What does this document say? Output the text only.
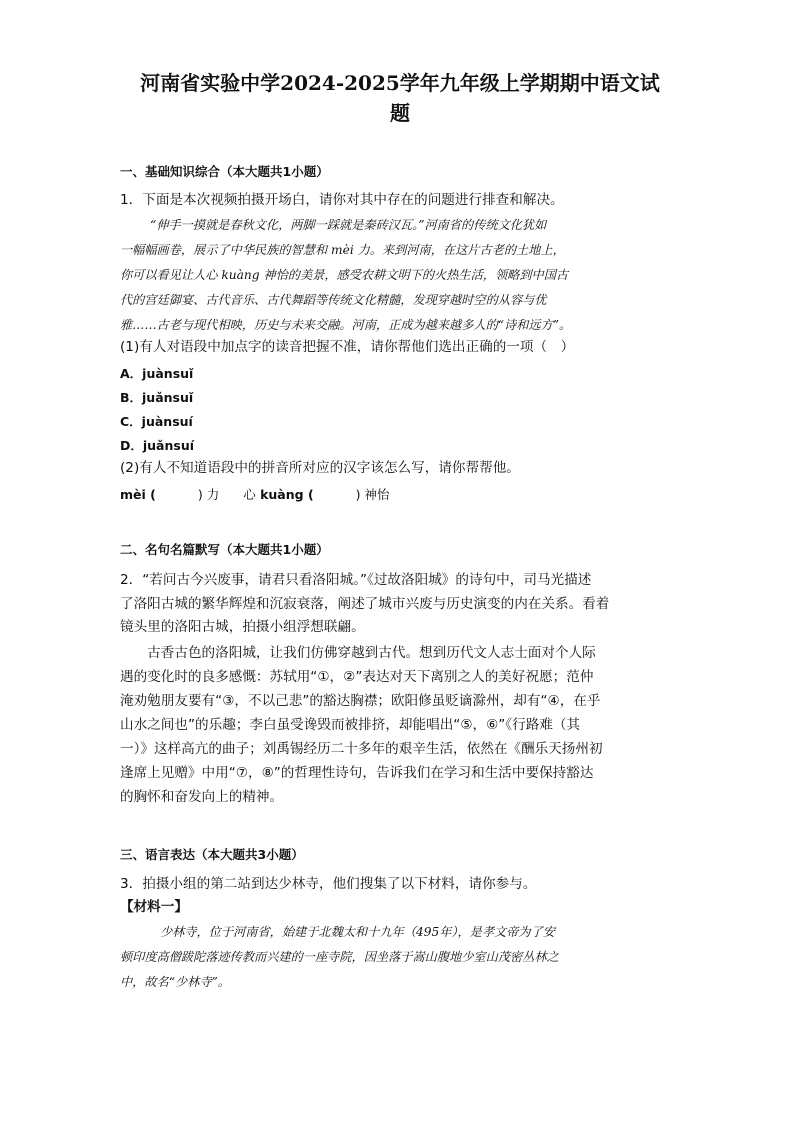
河南省实验中学2024-2025学年九年级上学期期中语文试
题
一、基础知识综合（本大题共1小题）
1．下面是本次视频拍摄开场白，请你对其中存在的问题进行排查和解决。
“伸手一摸就是春秋文化，两脚一踩就是秦砖汉瓦。”河南省的传统文化犹如
一幅幅画卷，展示了中华民族的智慧和 mèi 力。来到河南，在这片古老的土地上，
你可以看见让人心 kuàng 神怡的美景，感受农耕文明下的火热生活，领略到中国古
代的宫廷御宴、古代音乐、古代舞蹈等传统文化精髓，发现穿越时空的从容与优
雅……古老与现代相映，历史与未来交融。河南，正成为越来越多人的“诗和远方”。
(1)有人对语段中加点字的读音把握不准，请你帮他们选出正确的一项（　）
A．juànsuǐ
B．juǎnsuǐ
C．juànsuí
D．juǎnsuí
(2)有人不知道语段中的拼音所对应的汉字该怎么写，请你帮帮他。
mèi (	) 力 心 kuàng (	) 神怡
二、名句名篇默写（本大题共1小题）
2．“若问古今兴废事，请君只看洛阳城。”《过故洛阳城》的诗句中，司马光描述
了洛阳古城的繁华辉煌和沉寂衰落，阐述了城市兴废与历史演变的内在关系。看着
镜头里的洛阳古城，拍摄小组浮想联翩。
　　古香古色的洛阳城，让我们仿佛穿越到古代。想到历代文人志士面对个人际
遇的变化时的良多感慨：苏轼用“①，②”表达对天下离别之人的美好祝愿；范仲
淹劝勉朋友要有“③，不以己悲”的豁达胸襟；欧阳修虽贬谪滁州，却有“④，在乎
山水之间也”的乐趣；李白虽受谗毁而被排挤，却能唱出“⑤，⑥”《行路难（其
一）》这样高亢的曲子；刘禹锡经历二十多年的艰辛生活，依然在《酬乐天扬州初
逢席上见赠》中用“⑦，⑧”的哲理性诗句，告诉我们在学习和生活中要保持豁达
的胸怀和奋发向上的精神。
三、语言表达（本大题共3小题）
3．拍摄小组的第二站到达少林寺，他们搜集了以下材料，请你参与。
【材料一】
少林寺，位于河南省，始建于北魏太和十九年（495年），是孝文帝为了安
顿印度高僧跋陀落迹传教而兴建的一座寺院，因坐落于嵩山腹地少室山茂密丛林之
中，故名“少林寺”。
